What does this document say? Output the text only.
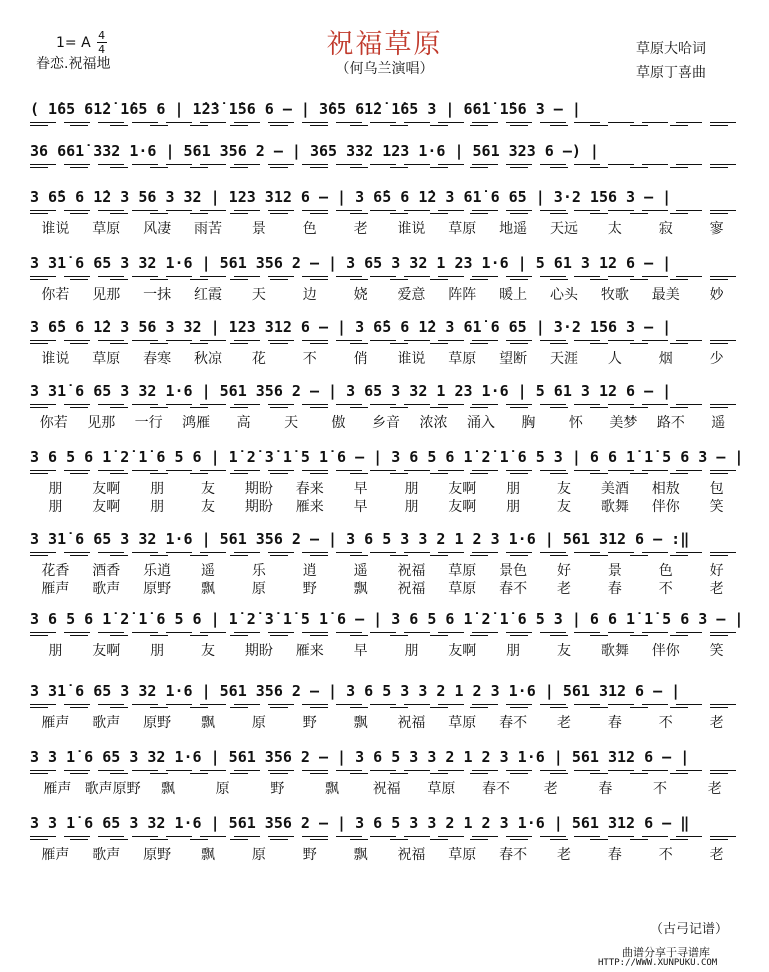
1= A 4
4
眷恋.祝福地
祝福草原
（何乌兰演唱）
草原大哈词
草原丁喜曲
( 1̇65 61̇2̇ 1̇65 6 | 1̇2̇3̇ 1̇56 6 – | 3̇65 61̇2̇ 1̇65 3 | 66̇1̇ 1̇56 3 – |
36 661̇ 332 1·6 | 561 356 2 – | 365 332 123 1·6 | 561 323 6 –) |
3 6̇5 6 1̇2 3 56 3 32 | 123 312 6 – | 3 6̇5 6 1̇2 3 61̇ 6 65 | 3·2 156 3 – |
谁说	草原	风凄	雨苦	景	色	老	谁说	草原	地遥	天远	太	寂	寥
3 31̇ 6 65 3 32 1·6 | 561 356 2 – | 3 65 3 32 1 23 1·6 | 5 61 3 12 6 – |
你若	见那	一抹	红霞	天	边	娆	爱意	阵阵	暖上	心头	牧歌	最美	妙
3 6̇5 6 1̇2 3 56 3 32 | 123 312 6 – | 3 6̇5 6 1̇2 3 61̇ 6 65 | 3·2 156 3 – |
谁说	草原	春寒	秋凉	花	不	俏	谁说	草原	望断	天涯	人	烟	少
3 31̇ 6 65 3 32 1·6 | 561 356 2 – | 3 65 3 32 1 23 1·6 | 5 61 3 12 6 – |
你若	见那	一行	鸿雁	高	天	傲	乡音	浓浓	涌入	胸	怀	美梦	路不	遥
3 6 5 6 1̇ 2̇ 1̇ 6 5 6 | 1̇ 2̇ 3̇ 1̇ 5 1̇ 6 – | 3 6 5 6 1̇ 2̇ 1̇ 6 5 3 | 6 6 1̇ 1̇ 5 6 3 – |
朋	友啊	朋	友	期盼	春来	早	朋	友啊	朋	友	美酒	相敖	包
朋	友啊	朋	友	期盼	雁来	早	朋	友啊	朋	友	歌舞	伴你	笑
3 31̇ 6 65 3 32 1·6 | 561 356 2 – | 3 6 5 3 3 2 1 2 3 1·6 | 561 312 6 – :‖
花香	酒香	乐逍	遥	乐	逍	遥	祝福	草原	景色	好	景	色	好
雁声	歌声	原野	飘	原	野	飘	祝福	草原	春不	老	春	不	老
3 6 5 6 1̇ 2̇ 1̇ 6 5 6 | 1̇ 2̇ 3̇ 1̇ 5 1̇ 6 – | 3 6 5 6 1̇ 2̇ 1̇ 6 5 3 | 6 6 1̇ 1̇ 5 6 3 – |
朋	友啊	朋	友	期盼	雁来	早	朋	友啊	朋	友	歌舞	伴你	笑
3 31̇ 6 65 3 32 1·6 | 561 356 2 – | 3 6 5 3 3 2 1 2 3 1·6 | 561 312 6 – |
雁声	歌声	原野	飘	原	野	飘	祝福	草原	春不	老	春	不	老
3 3 1̇ 6 65 3 32 1·6 | 561 356 2 – | 3 6 5 3 3 2 1 2 3 1·6 | 561 312 6 – |
雁声 歌声原野	飘	原	野	飘	祝福	草原	春不	老	春	不	老
3 3 1̇ 6 65 3 32 1·6 | 561 356 2 – | 3 6 5 3 3 2 1 2 3 1·6 | 561 312 6 – ‖
雁声	歌声	原野	飘	原	野	飘	祝福	草原	春不	老	春	不	老
（古弓记谱）
曲谱分享于寻谱库
HTTP://WWW.XUNPUKU.COM
